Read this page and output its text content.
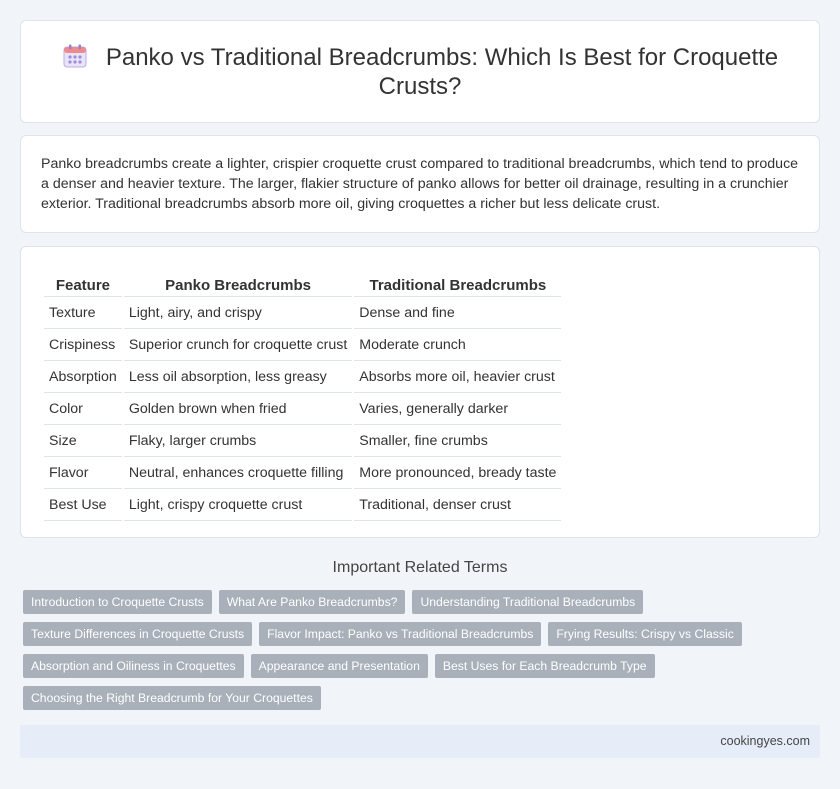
Panko vs Traditional Breadcrumbs: Which Is Best for Croquette Crusts?
Panko breadcrumbs create a lighter, crispier croquette crust compared to traditional breadcrumbs, which tend to produce a denser and heavier texture. The larger, flakier structure of panko allows for better oil drainage, resulting in a crunchier exterior. Traditional breadcrumbs absorb more oil, giving croquettes a richer but less delicate crust.
Feature	Panko Breadcrumbs	Traditional Breadcrumbs
Texture	Light, airy, and crispy	Dense and fine
Crispiness	Superior crunch for croquette crust	Moderate crunch
Absorption	Less oil absorption, less greasy	Absorbs more oil, heavier crust
Color	Golden brown when fried	Varies, generally darker
Size	Flaky, larger crumbs	Smaller, fine crumbs
Flavor	Neutral, enhances croquette filling	More pronounced, bready taste
Best Use	Light, crispy croquette crust	Traditional, denser crust
Important Related Terms
Introduction to Croquette Crusts	What Are Panko Breadcrumbs?	Understanding Traditional Breadcrumbs
Texture Differences in Croquette Crusts	Flavor Impact: Panko vs Traditional Breadcrumbs	Frying Results: Crispy vs Classic
Absorption and Oiliness in Croquettes	Appearance and Presentation	Best Uses for Each Breadcrumb Type
Choosing the Right Breadcrumb for Your Croquettes
cookingyes.com
